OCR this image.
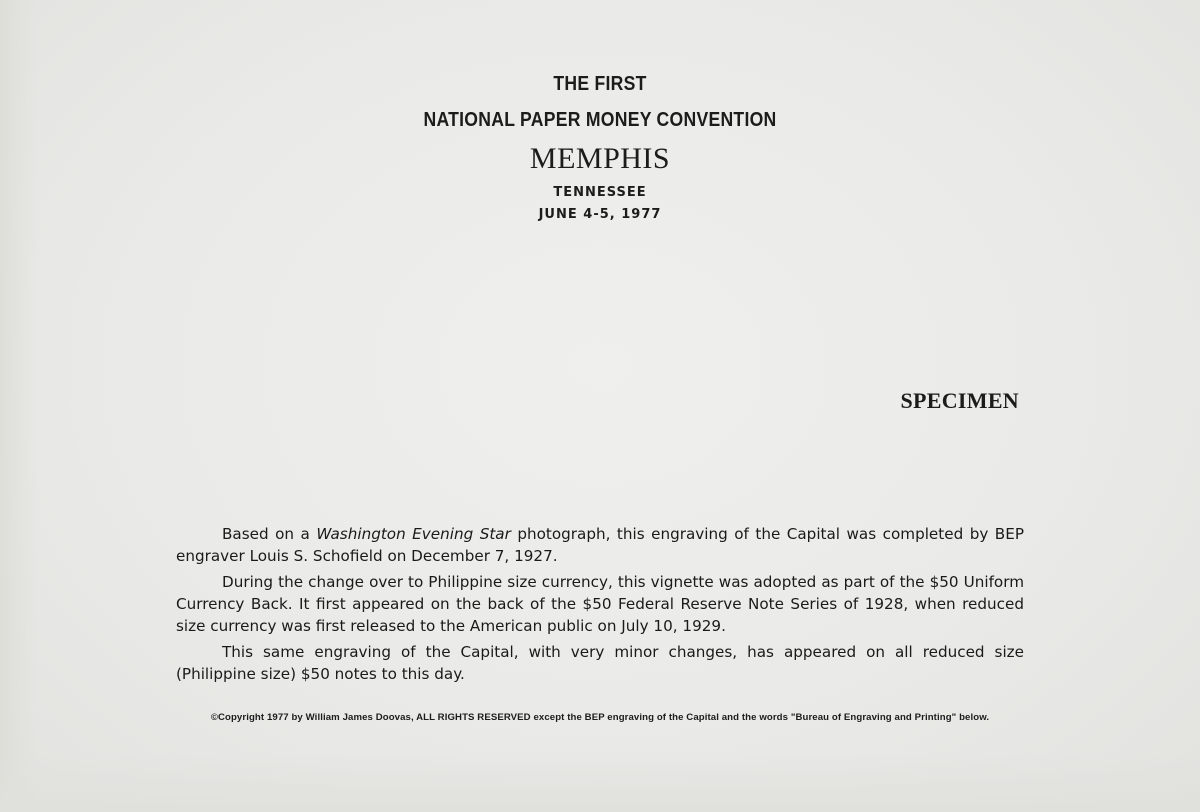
THE FIRST
NATIONAL PAPER MONEY CONVENTION
MEMPHIS
TENNESSEE
JUNE 4-5, 1977
SPECIMEN

Based on a Washington Evening Star photograph, this engraving of the Capital was completed by BEP engraver Louis S. Schofield on December 7, 1927.

During the change over to Philippine size currency, this vignette was adopted as part of the $50 Uniform Currency Back. It first appeared on the back of the $50 Federal Reserve Note Series of 1928, when reduced size currency was first released to the American public on July 10, 1929.

This same engraving of the Capital, with very minor changes, has appeared on all reduced size (Philippine size) $50 notes to this day.

©Copyright 1977 by William James Doovas, ALL RIGHTS RESERVED except the BEP engraving of the Capital and the words "Bureau of Engraving and Printing" below.
